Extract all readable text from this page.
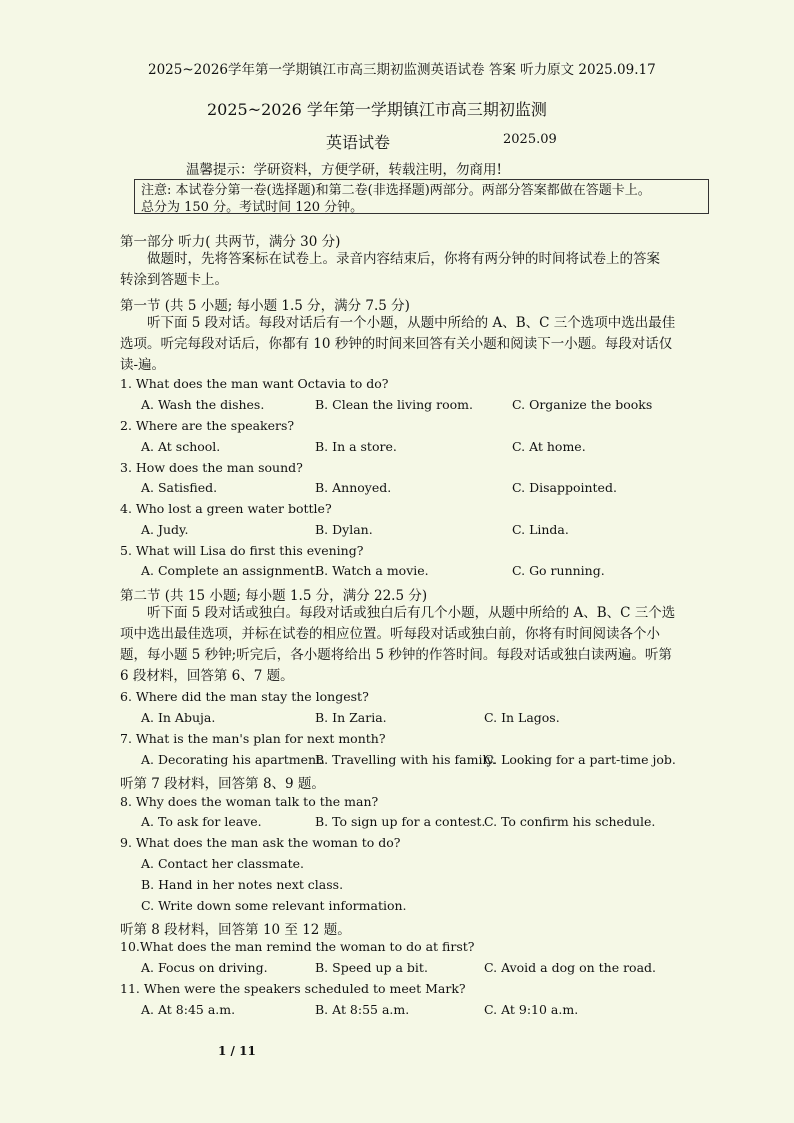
2025~2026学年第一学期镇江市高三期初监测英语试卷 答案 听力原文 2025.09.17
2025~2026 学年第一学期镇江市高三期初监测
英语试卷	2025.09
温馨提示：学研资料，方便学研，转载注明，勿商用!
注意: 本试卷分第一卷(选择题)和第二卷(非选择题)两部分。两部分答案都做在答题卡上。
总分为 150 分。考试时间 120 分钟。
第一部分 听力( 共两节，满分 30 分)
做题时，先将答案标在试卷上。录音内容结束后，你将有两分钟的时间将试卷上的答案转涂到答题卡上。
第一节 (共 5 小题; 每小题 1.5 分，满分 7.5 分)
听下面 5 段对话。每段对话后有一个小题，从题中所给的 A、B、C 三个选项中选出最佳选项。听完每段对话后，你都有 10 秒钟的时间来回答有关小题和阅读下一小题。每段对话仅读-遍。
1. What does the man want Octavia to do?
A. Wash the dishes.	B. Clean the living room.	C. Organize the books
2. Where are the speakers?
A. At school.	B. In a store.	C. At home.
3. How does the man sound?
A. Satisfied.	B. Annoyed.	C. Disappointed.
4. Who lost a green water bottle?
A. Judy.	B. Dylan.	C. Linda.
5. What will Lisa do first this evening?
A. Complete an assignment.
B. Watch a movie.	C. Go running.
第二节 (共 15 小题; 每小题 1.5 分，满分 22.5 分)
听下面 5 段对话或独白。每段对话或独白后有几个小题，从题中所给的 A、B、C 三个选项中选出最佳选项，并标在试卷的相应位置。听每段对话或独白前，你将有时间阅读各个小题，每小题 5 秒钟;听完后，各小题将给出 5 秒钟的作答时间。每段对话或独白读两遍。听第 6 段材料，回答第 6、7 题。
6. Where did the man stay the longest?
A. In Abuja.	B. In Zaria.	C. In Lagos.
7. What is the man's plan for next month?
A. Decorating his apartment.
B. Travelling with his family.
C. Looking for a part-time job.
听第 7 段材料，回答第 8、9 题。
8. Why does the woman talk to the man?
A. To ask for leave.	B. To sign up for a contest.
C. To confirm his schedule.
9. What does the man ask the woman to do?
A. Contact her classmate.
B. Hand in her notes next class.
C. Write down some relevant information.
听第 8 段材料，回答第 10 至 12 题。
10.What does the man remind the woman to do at first?
A. Focus on driving.	B. Speed up a bit.	C. Avoid a dog on the road.
11. When were the speakers scheduled to meet Mark?
A. At 8:45 a.m.	B. At 8:55 a.m.	C. At 9:10 a.m.
1 / 11
